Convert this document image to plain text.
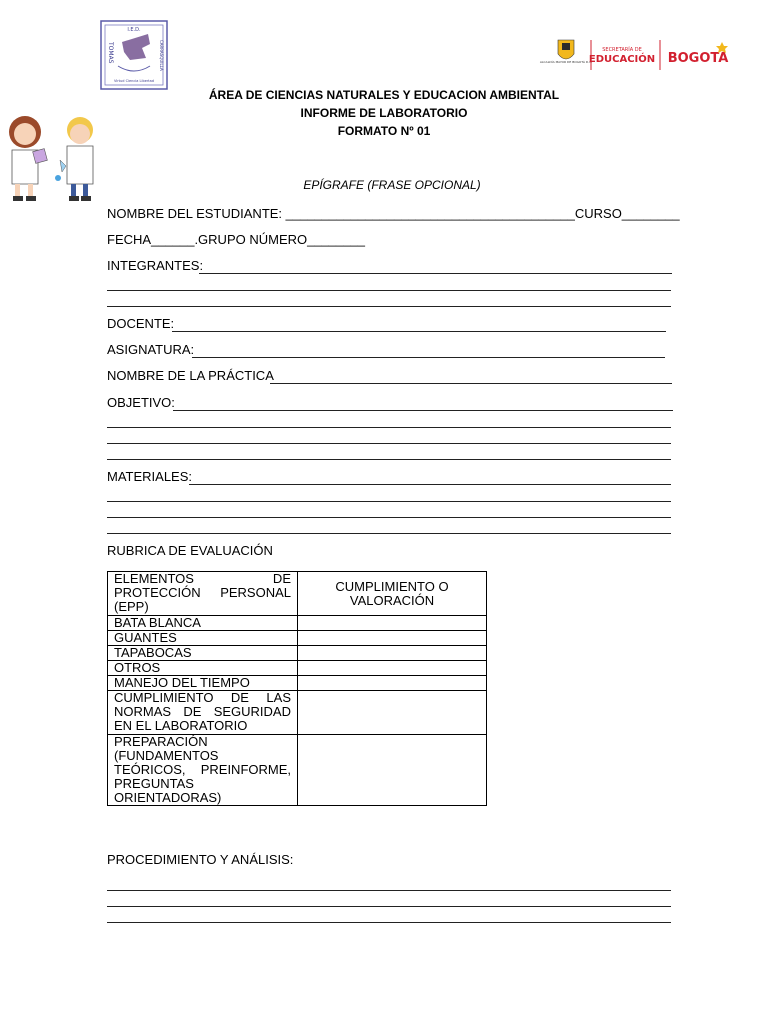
I.E.D.
TOMAS	CARRASQUILLA
Virtud Ciencia Libertad
ALCALDÍA MAYOR DE BOGOTÁ D.C.
SECRETARÍA DE
EDUCACIÓN BOGOTÁ
ÁREA DE CIENCIAS NATURALES Y EDUCACION AMBIENTAL
INFORME DE LABORATORIO
FORMATO Nº 01
EPÍGRAFE (FRASE OPCIONAL)
NOMBRE DEL ESTUDIANTE: ________________________________________CURSO________
FECHA______.GRUPO NÚMERO________
INTEGRANTES:
DOCENTE:
ASIGNATURA:
NOMBRE DE LA PRÁCTICA
OBJETIVO:
MATERIALES:
RUBRICA DE EVALUACIÓN
ELEMENTOS DE PROTECCIÓN PERSONAL (EPP)	CUMPLIMIENTO O VALORACIÓN
BATA BLANCA	
GUANTES	
TAPABOCAS	
OTROS	
MANEJO DEL TIEMPO	
CUMPLIMIENTO DE LAS NORMAS DE SEGURIDAD EN EL LABORATORIO	
PREPARACIÓN (FUNDAMENTOS TEÓRICOS, PREINFORME, PREGUNTAS ORIENTADORAS)	
PROCEDIMIENTO Y ANÁLISIS:
